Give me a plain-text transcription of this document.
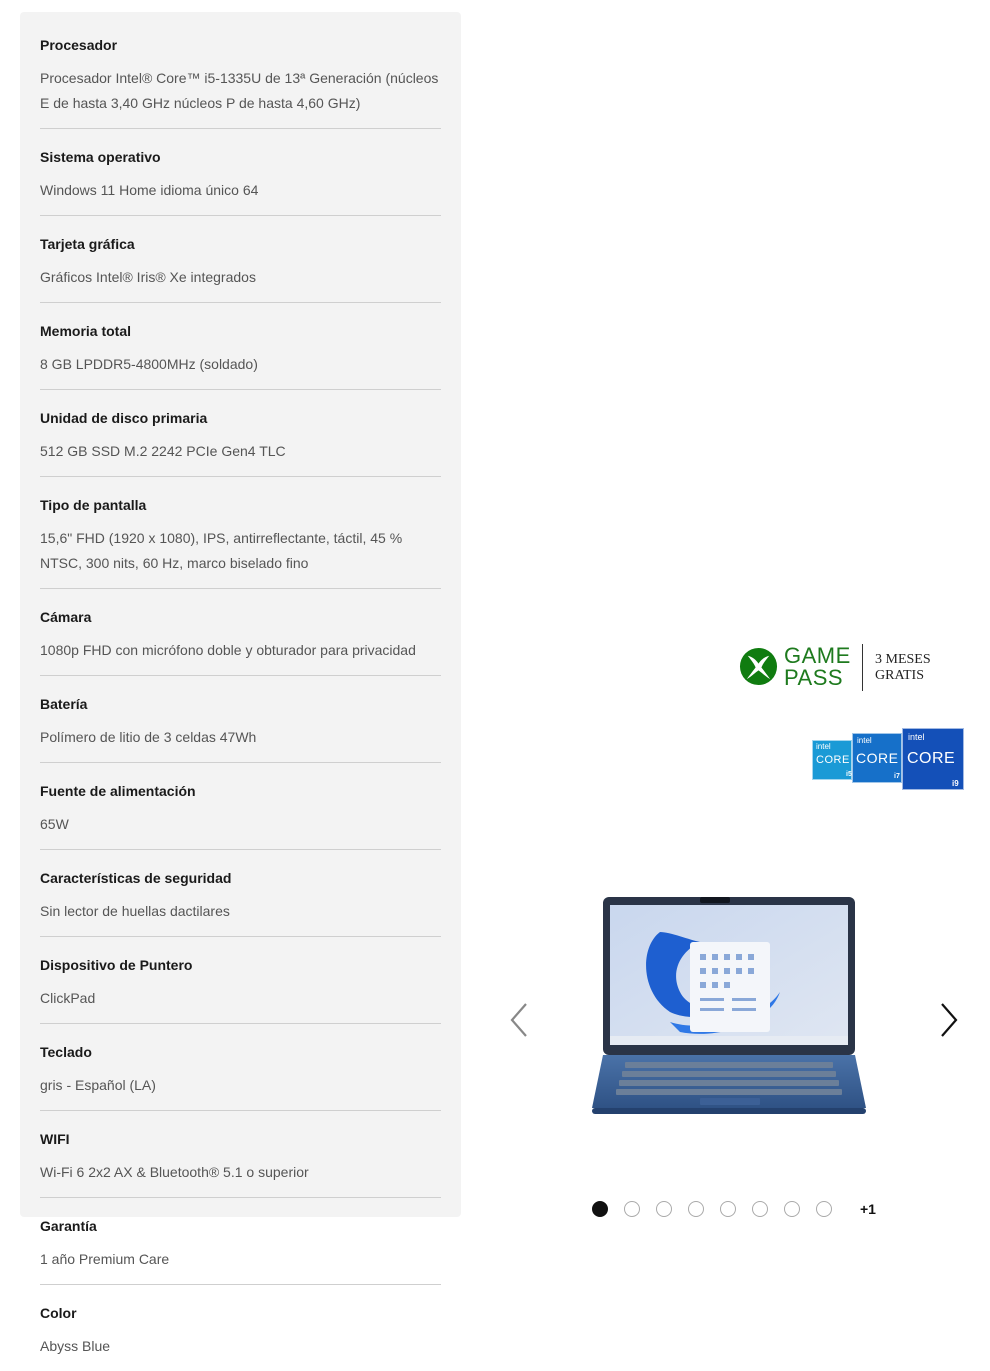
Procesador
Procesador Intel® Core™ i5-1335U de 13ª Generación (núcleos E de hasta 3,40 GHz núcleos P de hasta 4,60 GHz)
Sistema operativo
Windows 11 Home idioma único 64
Tarjeta gráfica
Gráficos Intel® Iris® Xe integrados
Memoria total
8 GB LPDDR5-4800MHz (soldado)
Unidad de disco primaria
512 GB SSD M.2 2242 PCIe Gen4 TLC
Tipo de pantalla
15,6" FHD (1920 x 1080), IPS, antirreflectante, táctil, 45 % NTSC, 300 nits, 60 Hz, marco biselado fino
Cámara
1080p FHD con micrófono doble y obturador para privacidad
Batería
Polímero de litio de 3 celdas 47Wh
Fuente de alimentación
65W
Características de seguridad
Sin lector de huellas dactilares
Dispositivo de Puntero
ClickPad
Teclado
gris - Español (LA)
WIFI
Wi-Fi 6 2x2 AX & Bluetooth® 5.1 o superior
Garantía
1 año Premium Care
Color
Abyss Blue
GAME
PASS
3 MESES
GRATIS
intel
CORE
i5
intel
CORE
i7
intel
CORE
i9
+1
